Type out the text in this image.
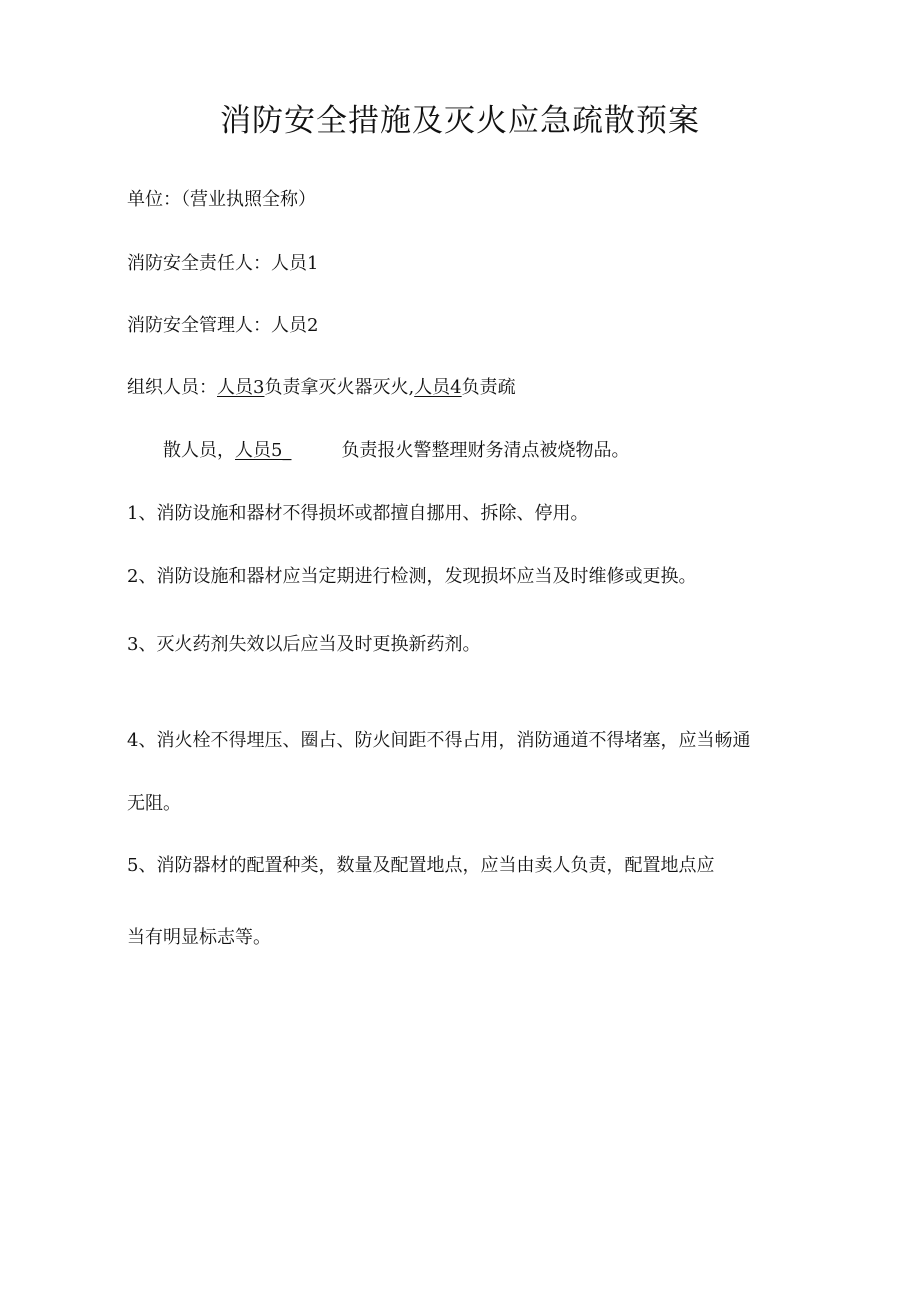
消防安全措施及灭火应急疏散预案
单位：（营业执照全称）
消防安全责任人：人员1
消防安全管理人：人员2
组织人员：人员3负责拿灭火器灭火,人员4负责疏
散人员，人员5_	负责报火警整理财务清点被烧物品。
1、消防设施和器材不得损坏或都擅自挪用、拆除、停用。
2、消防设施和器材应当定期进行检测，发现损坏应当及时维修或更换。
3、灭火药剂失效以后应当及时更换新药剂。
4、消火栓不得埋压、圈占、防火间距不得占用，消防通道不得堵塞，应当畅通
无阻。
5、消防器材的配置种类，数量及配置地点，应当由卖人负责，配置地点应
当有明显标志等。
